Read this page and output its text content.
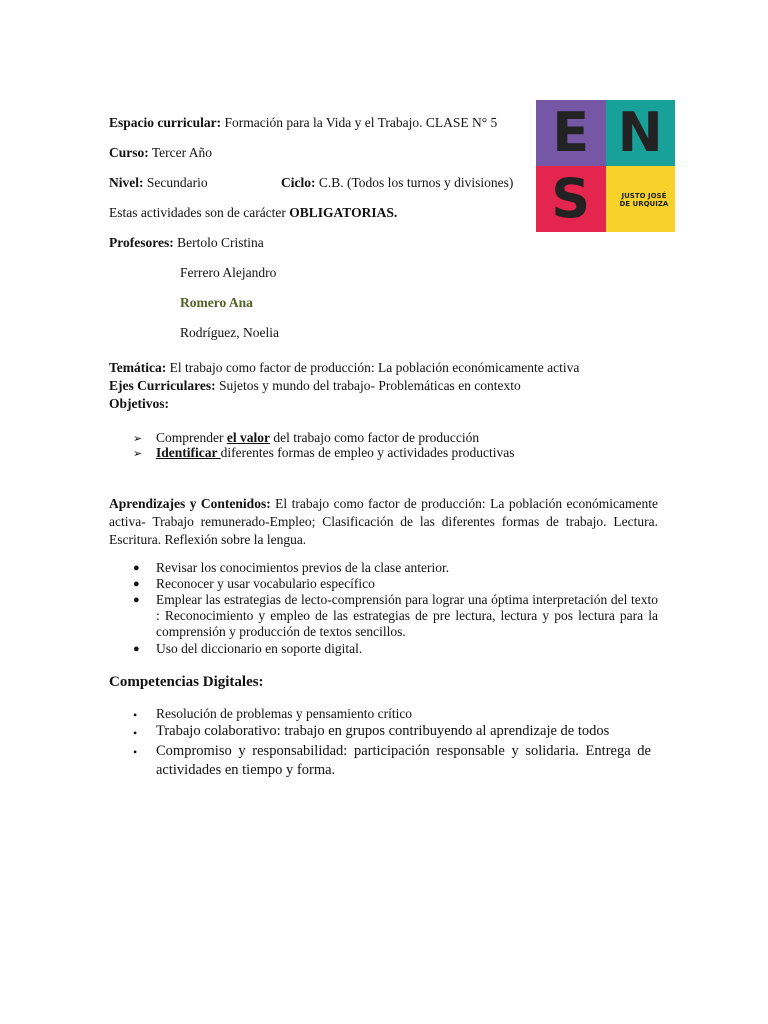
E N
S	JUSTO JOSÉ
DE URQUIZA
Espacio curricular: Formación para la Vida y el Trabajo. CLASE N° 5
Curso: Tercer Año
Nivel: Secundario	Ciclo: C.B. (Todos los turnos y divisiones)
Estas actividades son de carácter OBLIGATORIAS.
Profesores: Bertolo Cristina
Ferrero Alejandro
Romero Ana
Rodríguez, Noelia
Temática: El trabajo como factor de producción: La población económicamente activa
Ejes Curriculares: Sujetos y mundo del trabajo- Problemáticas en contexto
Objetivos:
➢ Comprender el valor del trabajo como factor de producción
➢ Identificar diferentes formas de empleo y actividades productivas
Aprendizajes y Contenidos: El trabajo como factor de producción: La población económicamente activa- Trabajo remunerado-Empleo; Clasificación de las diferentes formas de trabajo. Lectura. Escritura. Reflexión sobre la lengua.
● Revisar los conocimientos previos de la clase anterior.
● Reconocer y usar vocabulario específico
● Emplear las estrategias de lecto-comprensión para lograr una óptima interpretación del texto : Reconocimiento y empleo de las estrategias de pre lectura, lectura y pos lectura para la comprensión y producción de textos sencillos.
● Uso del diccionario en soporte digital.
Competencias Digitales:
• Resolución de problemas y pensamiento crítico
• Trabajo colaborativo: trabajo en grupos contribuyendo al aprendizaje de todos
• Compromiso y responsabilidad: participación responsable y solidaria. Entrega de actividades en tiempo y forma.
